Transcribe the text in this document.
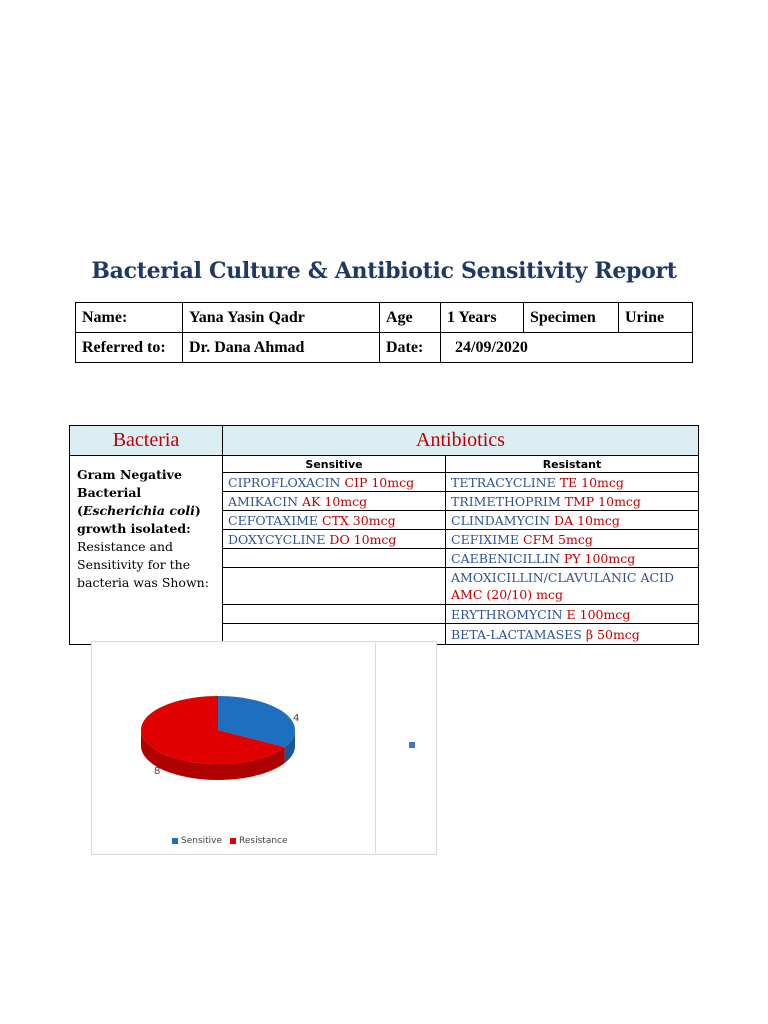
Bacterial Culture & Antibiotic Sensitivity Report
Name:	Yana Yasin Qadr	Age	1 Years	Specimen	Urine
Referred to:	Dr. Dana Ahmad	Date:	24/09/2020		
Bacteria	Antibiotics	
Gram Negative Bacterial
(Escherichia coli)
growth isolated:
Resistance and Sensitivity for the bacteria was Shown:	Sensitive	Resistant
	CIPROFLOXACIN CIP 10mcg	TETRACYCLINE TE 10mcg
	AMIKACIN AK 10mcg	TRIMETHOPRIM TMP 10mcg
	CEFOTAXIME CTX 30mcg	CLINDAMYCIN DA 10mcg
	DOXYCYCLINE DO 10mcg	CEFIXIME CFM 5mcg
		CAEBENICILLIN PY 100mcg
		AMOXICILLIN/CLAVULANIC ACID AMC (20/10) mcg
		ERYTHROMYCIN E 100mcg
		BETA-LACTAMASES β 50mcg
4
8
Sensitive Resistance
